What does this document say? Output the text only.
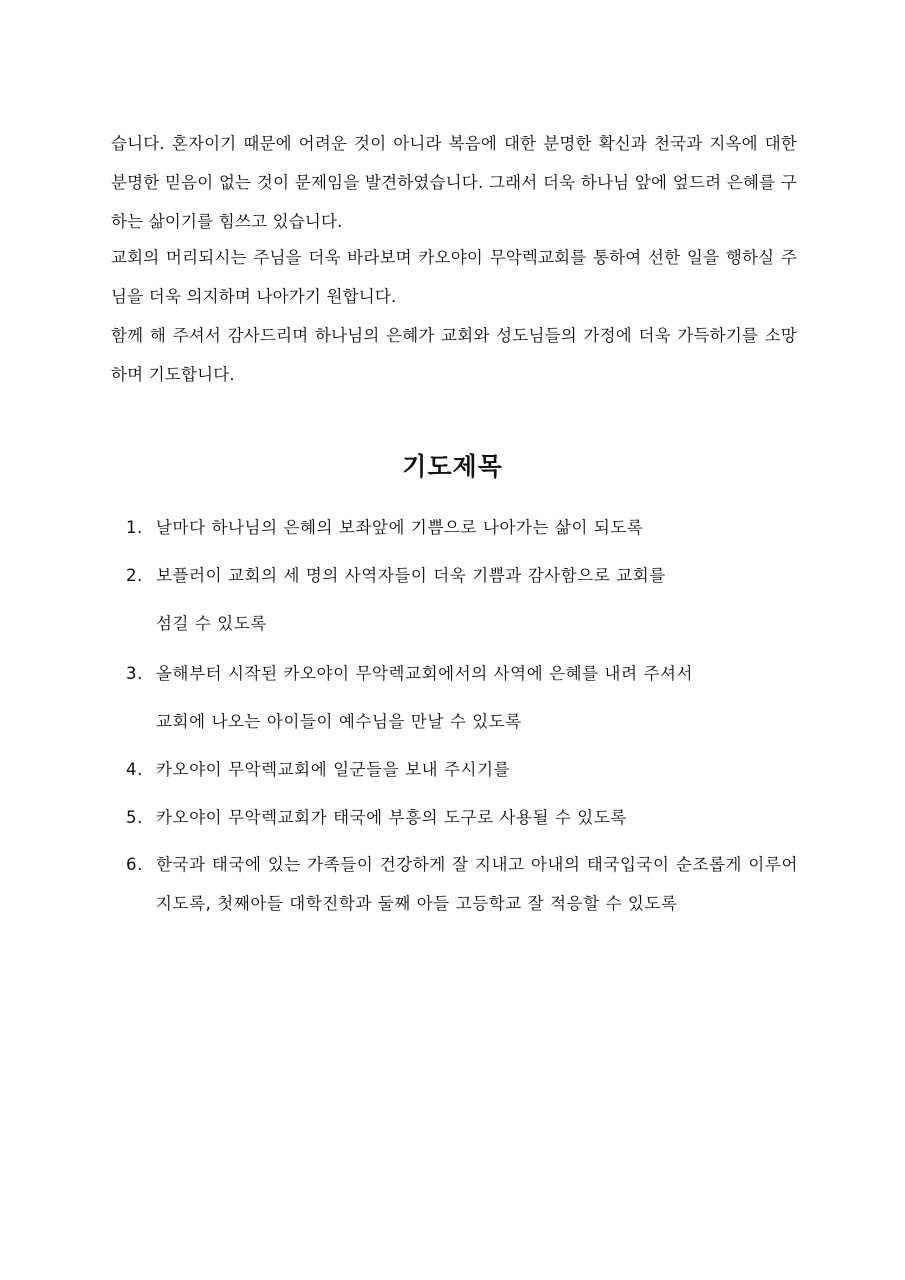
습니다. 혼자이기 때문에 어려운 것이 아니라 복음에 대한 분명한 확신과 천국과 지옥에 대한 분명한 믿음이 없는 것이 문제임을 발견하였습니다. 그래서 더욱 하나님 앞에 엎드려 은혜를 구하는 삶이기를 힘쓰고 있습니다.

교회의 머리되시는 주님을 더욱 바라보며 카오야이 무악렉교회를 통하여 선한 일을 행하실 주님을 더욱 의지하며 나아가기 원합니다.

함께 해 주셔서 감사드리며 하나님의 은혜가 교회와 성도님들의 가정에 더욱 가득하기를 소망하며 기도합니다.

기도제목
1. 날마다 하나님의 은혜의 보좌앞에 기쁨으로 나아가는 삶이 되도록
2. 보플러이 교회의 세 명의 사역자들이 더욱 기쁨과 감사함으로 교회를
섬길 수 있도록
3. 올해부터 시작된 카오야이 무악렉교회에서의 사역에 은혜를 내려 주셔서
교회에 나오는 아이들이 예수님을 만날 수 있도록
4. 카오야이 무악렉교회에 일군들을 보내 주시기를
5. 카오야이 무악렉교회가 태국에 부흥의 도구로 사용될 수 있도록
6. 한국과 태국에 있는 가족들이 건강하게 잘 지내고 아내의 태국입국이 순조롭게 이루어지도록, 첫째아들 대학진학과 둘째 아들 고등학교 잘 적응할 수 있도록
